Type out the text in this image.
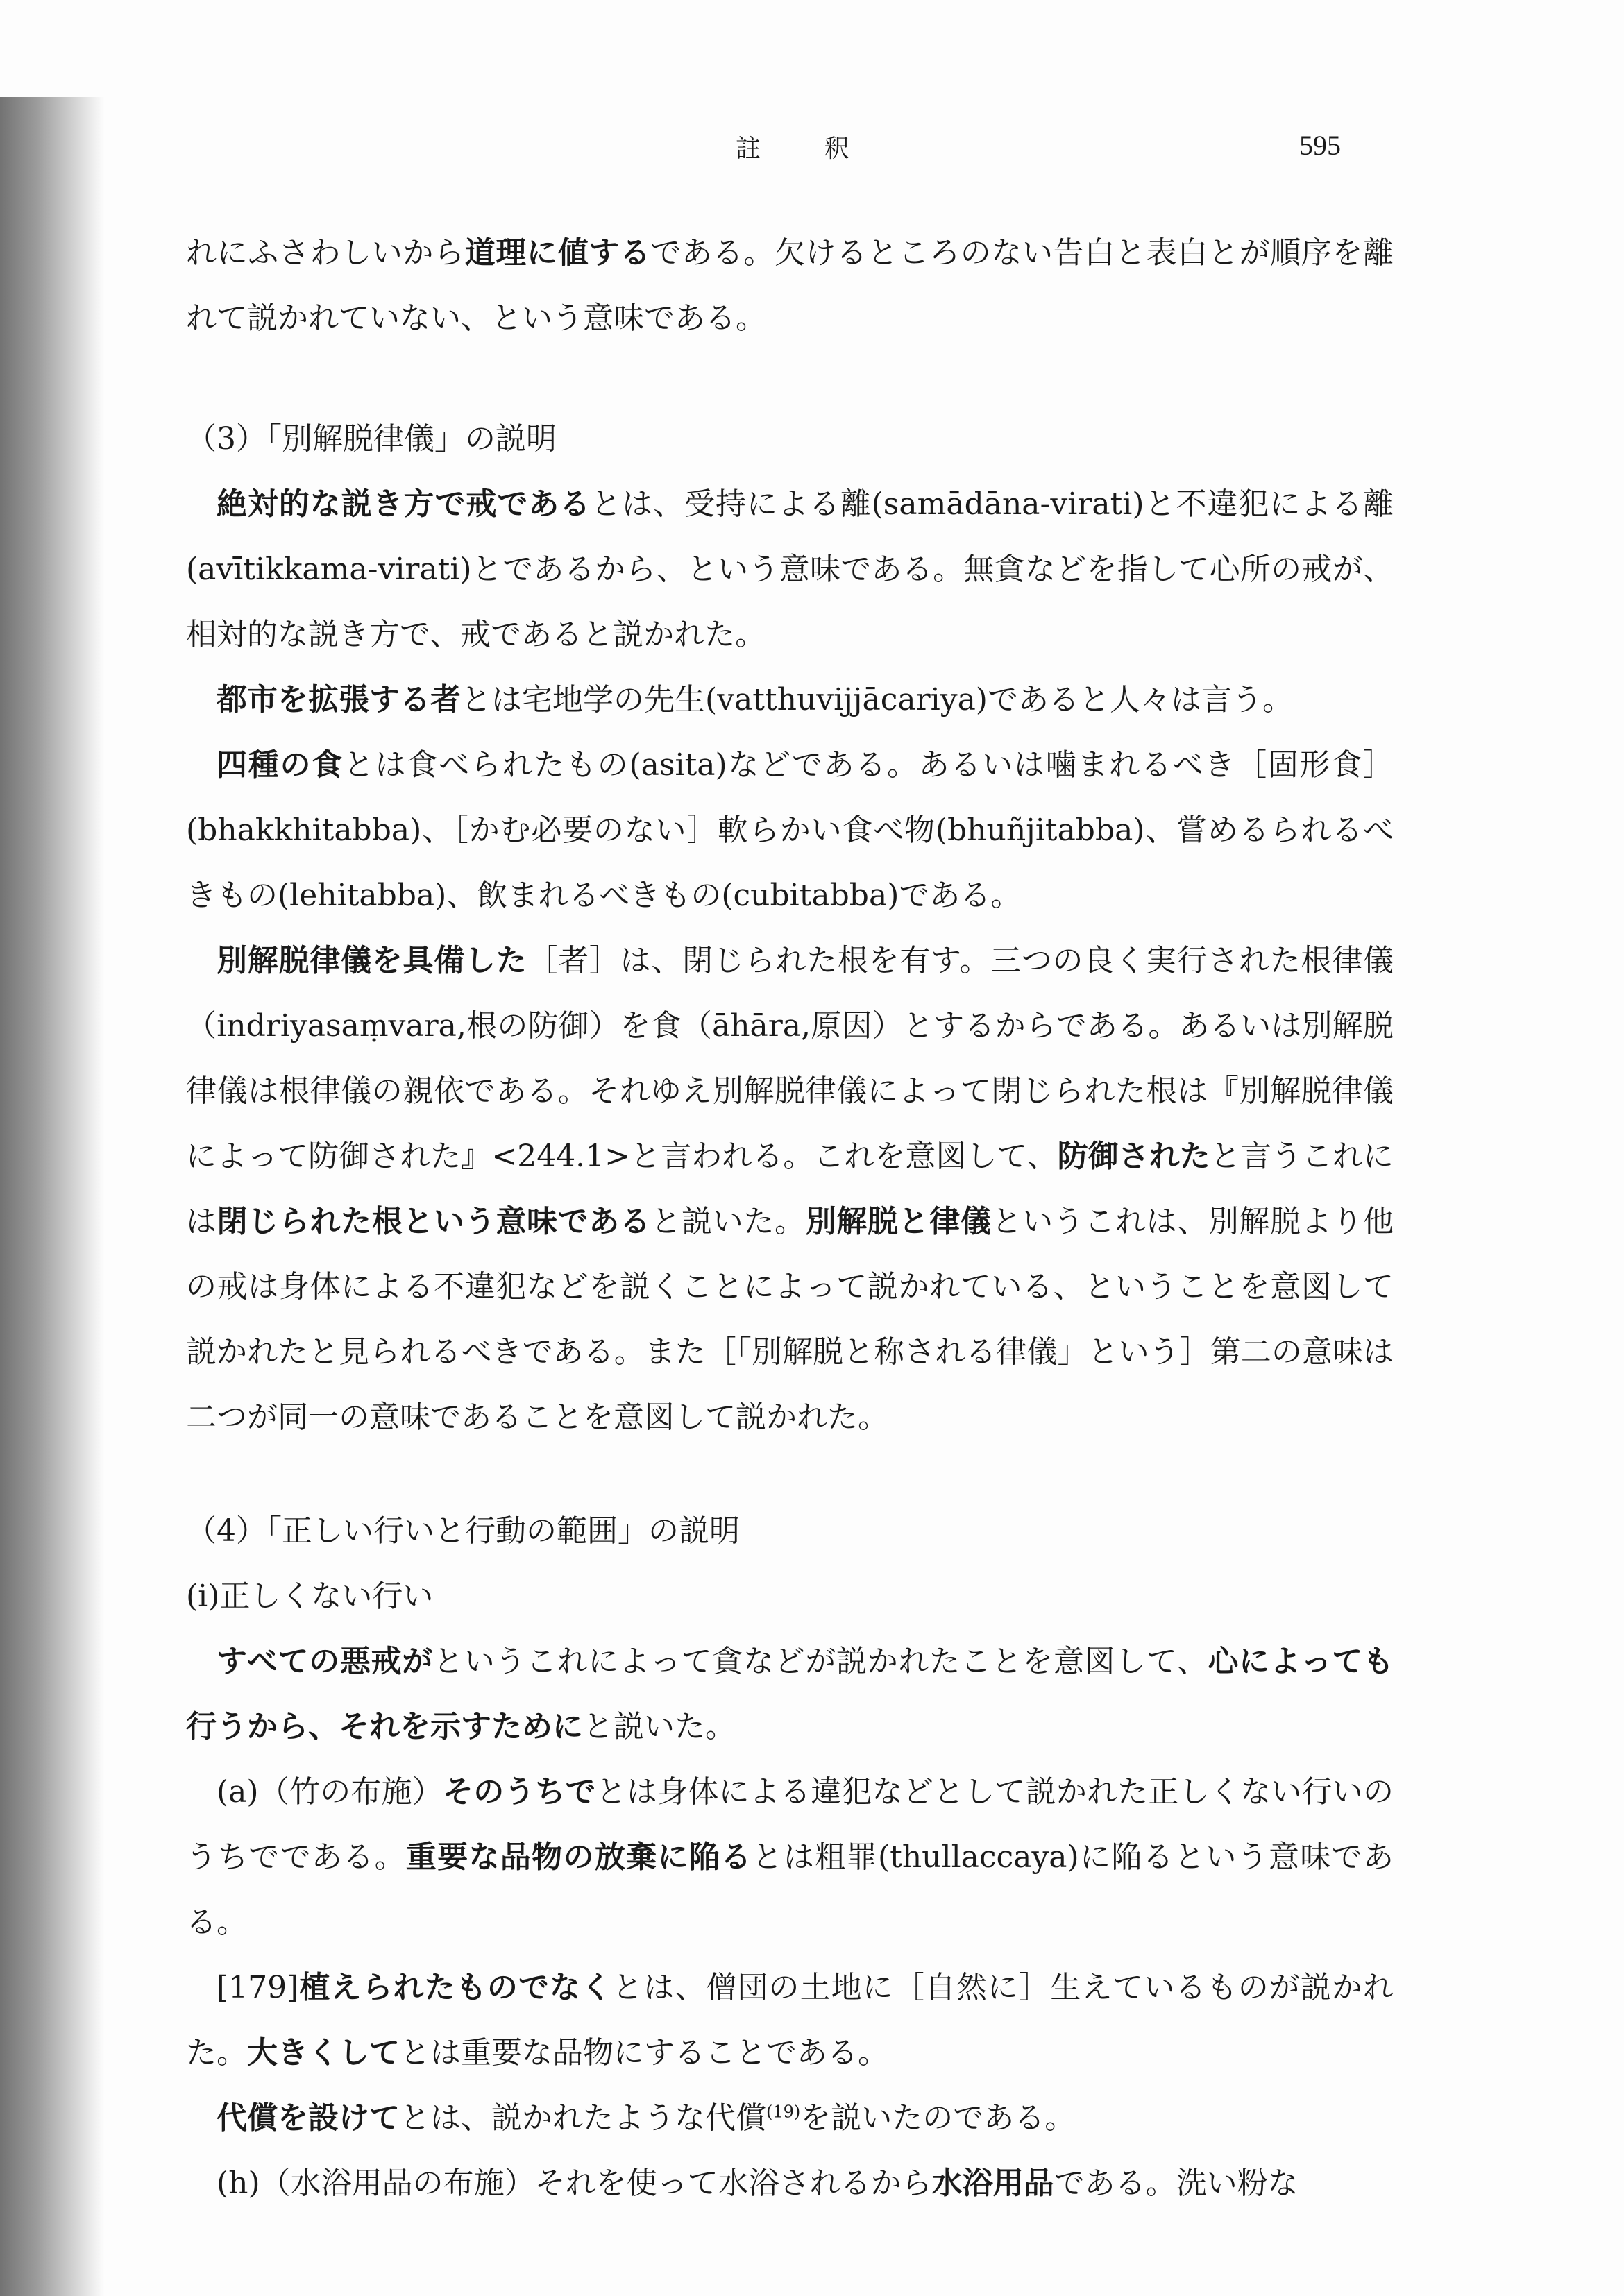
註 釈	595

れにふさわしいから道理に値するである。欠けるところのない告白と表白とが順序を離れて説かれていない、という意味である。

（3）「別解脱律儀」の説明

絶対的な説き方で戒であるとは、受持による離(samādāna-virati)と不違犯による離(avītikkama-virati)とであるから、という意味である。無貪などを指して心所の戒が、相対的な説き方で、戒であると説かれた。

都市を拡張する者とは宅地学の先生(vatthuvijjācariya)であると人々は言う。

四種の食とは食べられたもの(asita)などである。あるいは噛まれるべき［固形食］(bhakkhitabba)、［かむ必要のない］軟らかい食べ物(bhuñjitabba)、嘗めるられるべきもの(lehitabba)、飲まれるべきもの(cubitabba)である。

別解脱律儀を具備した［者］は、閉じられた根を有す。三つの良く実行された根律儀（indriyasaṃvara,根の防御）を食（āhāra,原因）とするからである。あるいは別解脱律儀は根律儀の親依である。それゆえ別解脱律儀によって閉じられた根は『別解脱律儀によって防御された』<244.1>と言われる。これを意図して、防御されたと言うこれには閉じられた根という意味であると説いた。別解脱と律儀というこれは、別解脱より他の戒は身体による不違犯などを説くことによって説かれている、ということを意図して説かれたと見られるべきである。また［「別解脱と称される律儀」という］第二の意味は二つが同一の意味であることを意図して説かれた。

（4）「正しい行いと行動の範囲」の説明

(i)正しくない行い

すべての悪戒がというこれによって貪などが説かれたことを意図して、心によっても行うから、それを示すためにと説いた。

(a)（竹の布施）そのうちでとは身体による違犯などとして説かれた正しくない行いのうちでである。重要な品物の放棄に陥るとは粗罪(thullaccaya)に陥るという意味である。

[179]植えられたものでなくとは、僧団の土地に［自然に］生えているものが説かれた。大きくしてとは重要な品物にすることである。

代償を設けてとは、説かれたような代償$^{(19)}$を説いたのである。

(h)（水浴用品の布施）それを使って水浴されるから水浴用品である。洗い粉な
